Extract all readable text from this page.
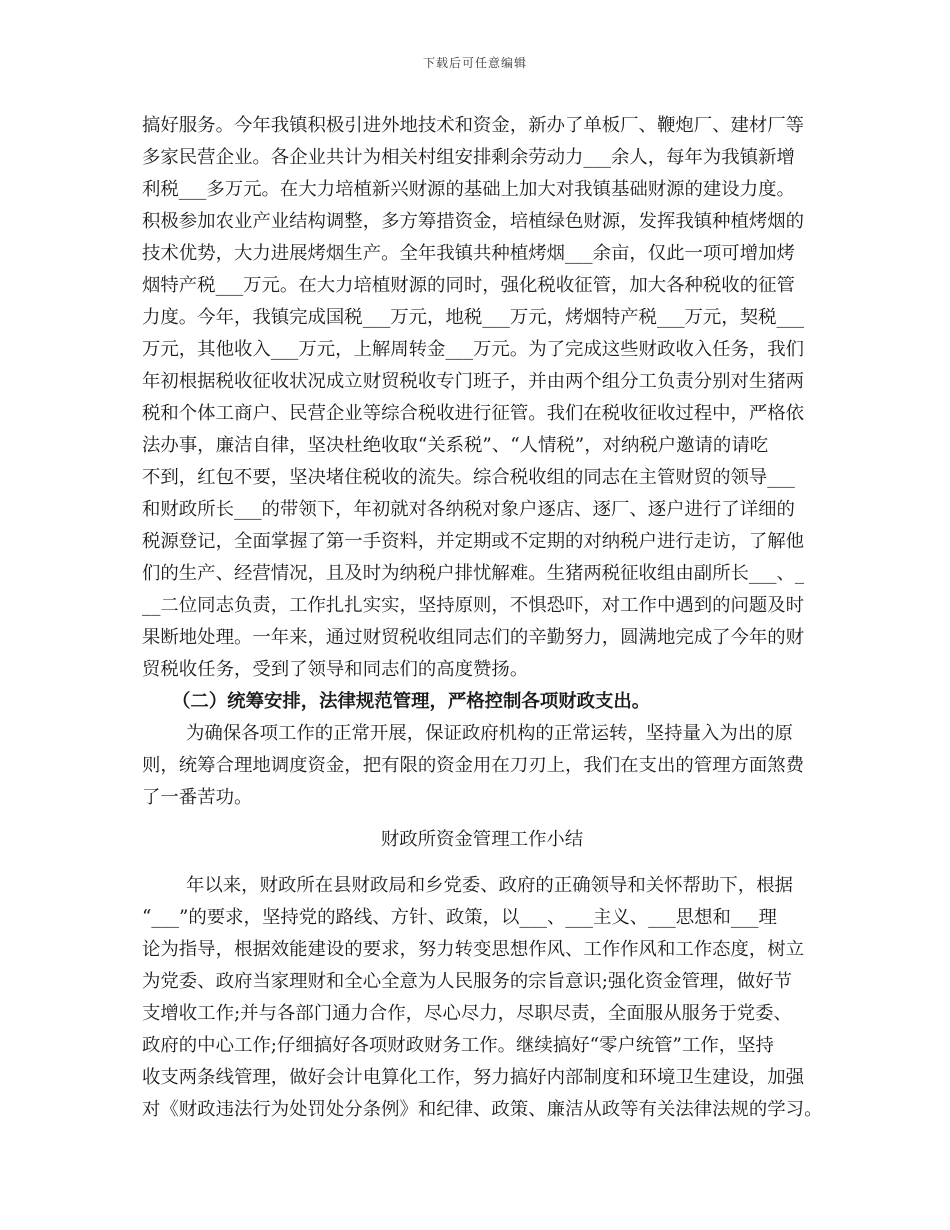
下载后可任意编辑
搞好服务。今年我镇积极引进外地技术和资金，新办了单板厂、鞭炮厂、建材厂等
多家民营企业。各企业共计为相关村组安排剩余劳动力___余人，每年为我镇新增
利税___多万元。在大力培植新兴财源的基础上加大对我镇基础财源的建设力度。
积极参加农业产业结构调整，多方筹措资金，培植绿色财源，发挥我镇种植烤烟的
技术优势，大力进展烤烟生产。全年我镇共种植烤烟___余亩，仅此一项可增加烤
烟特产税___万元。在大力培植财源的同时，强化税收征管，加大各种税收的征管
力度。今年，我镇完成国税___万元，地税___万元，烤烟特产税___万元，契税___
万元，其他收入___万元，上解周转金___万元。为了完成这些财政收入任务，我们
年初根据税收征收状况成立财贸税收专门班子，并由两个组分工负责分别对生猪两
税和个体工商户、民营企业等综合税收进行征管。我们在税收征收过程中，严格依
法办事，廉洁自律，坚决杜绝收取“关系税”、“人情税”，对纳税户邀请的请吃
不到，红包不要，坚决堵住税收的流失。综合税收组的同志在主管财贸的领导___
和财政所长___的带领下，年初就对各纳税对象户逐店、逐厂、逐户进行了详细的
税源登记，全面掌握了第一手资料，并定期或不定期的对纳税户进行走访，了解他
们的生产、经营情况，且及时为纳税户排忧解难。生猪两税征收组由副所长___、_
__二位同志负责，工作扎扎实实，坚持原则，不惧恐吓，对工作中遇到的问题及时
果断地处理。一年来，通过财贸税收组同志们的辛勤努力，圆满地完成了今年的财
贸税收任务，受到了领导和同志们的高度赞扬。
（二）统筹安排，法律规范管理，严格控制各项财政支出。
为确保各项工作的正常开展，保证政府机构的正常运转，坚持量入为出的原
则，统筹合理地调度资金，把有限的资金用在刀刃上，我们在支出的管理方面煞费
了一番苦功。
财政所资金管理工作小结
年以来，财政所在县财政局和乡党委、政府的正确领导和关怀帮助下，根据
“___”的要求，坚持党的路线、方针、政策，以___、___主义、___思想和___理
论为指导，根据效能建设的要求，努力转变思想作风、工作作风和工作态度，树立
为党委、政府当家理财和全心全意为人民服务的宗旨意识;强化资金管理，做好节
支增收工作;并与各部门通力合作，尽心尽力，尽职尽责，全面服从服务于党委、
政府的中心工作;仔细搞好各项财政财务工作。继续搞好“零户统管”工作，坚持
收支两条线管理，做好会计电算化工作，努力搞好内部制度和环境卫生建设，加强
对《财政违法行为处罚处分条例》和纪律、政策、廉洁从政等有关法律法规的学习。
